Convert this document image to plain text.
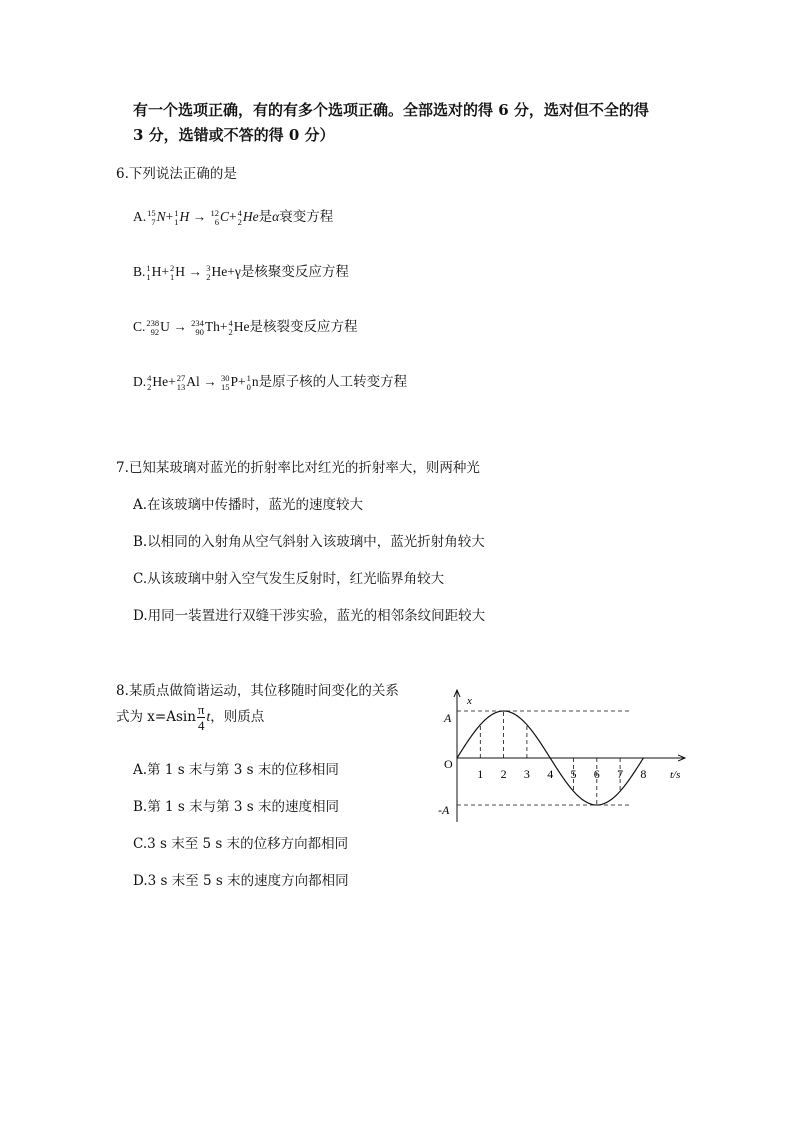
有一个选项正确，有的有多个选项正确。全部选对的得 6 分，选对但不全的得
3 分，选错或不答的得 0 分）
6.下列说法正确的是
A. 15
7 N+ 1
1 H → 12
6 C+ 4
2 He是α衰变方程
B. 1
1 H+ 2
1 H → 3
2 He+γ是核聚变反应方程
C. 238
92 U → 234
90 Th+ 4
2 He是核裂变反应方程
D. 4
2 He+ 27
13 Al → 30
15 P+ 1
0 n是原子核的人工转变方程
7.已知某玻璃对蓝光的折射率比对红光的折射率大，则两种光
A.在该玻璃中传播时，蓝光的速度较大
B.以相同的入射角从空气斜射入该玻璃中，蓝光折射角较大
C.从该玻璃中射入空气发生反射时，红光临界角较大
D.用同一装置进行双缝干涉实验，蓝光的相邻条纹间距较大
8.某质点做简谐运动，其位移随时间变化的关系
式为 $x=Asin \frac{\pi}{4}$ t，则质点
A.第 1 s 末与第 3 s 末的位移相同
B.第 1 s 末与第 3 s 末的速度相同
C.3 s 末至 5 s 末的位移方向都相同
D.3 s 末至 5 s 末的速度方向都相同
x
A
O
-A
t/s
1 2 3 4 5 6 7 8
